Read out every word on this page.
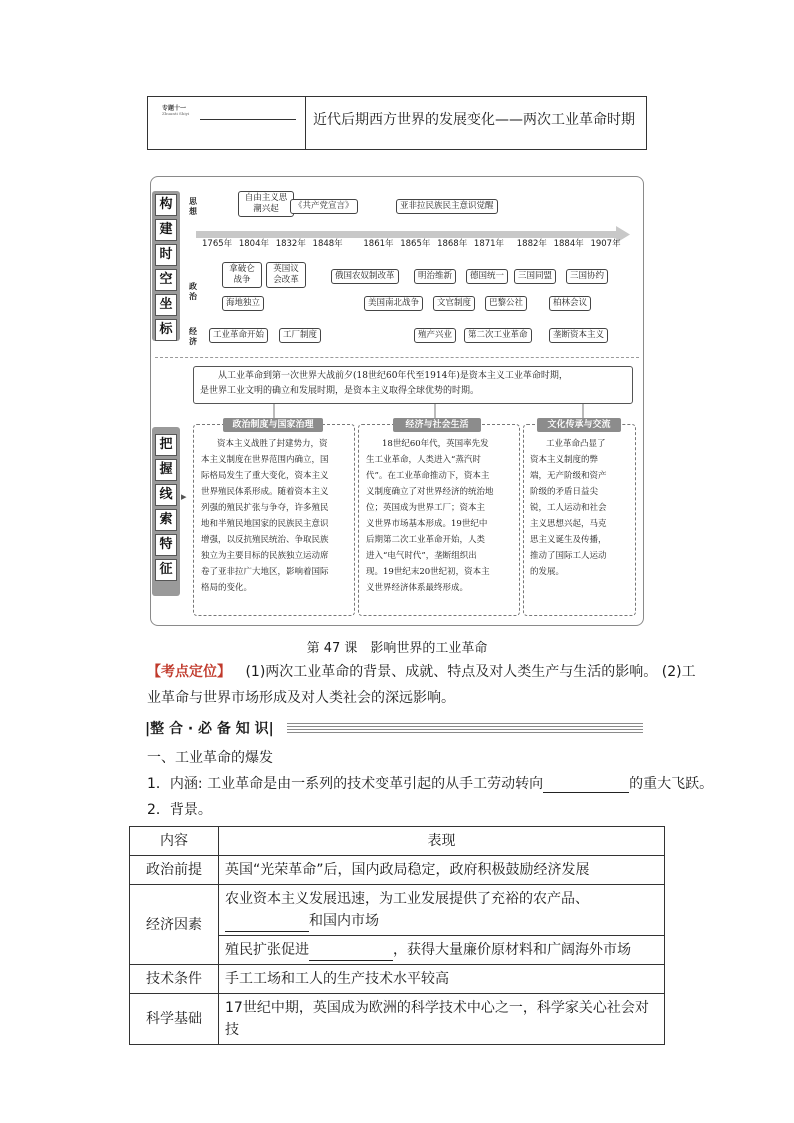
专题十一
Zhuanti Shiyi	近代后期西方世界的发展变化——两次工业革命时期
构
建
时
空
坐
标
把
握
线
索
特
征
思想
政治
经济
自由主义思潮兴起	《共产党宣言》	亚非拉民族民主意识觉醒
1765年 1804年 1832年 1848年 1861年 1865年 1868年 1871年 1882年 1884年 1907年
拿破仑战争
英国议会改革	俄国农奴制改革	明治维新	德国统一	三国同盟	三国协约
海地独立	美国南北战争	文官制度	巴黎公社	柏林会议
工业革命开始	工厂制度	殖产兴业	第二次工业革命	垄断资本主义
从工业革命到第一次世界大战前夕(18世纪60年代至1914年)是资本主义工业革命时期，
是世界工业文明的确立和发展时期，是资本主义取得全球优势的时期。
▸
政治制度与国家治理
资本主义战胜了封建势力，资
本主义制度在世界范围内确立，国
际格局发生了重大变化，资本主义
世界殖民体系形成。随着资本主义
列强的殖民扩张与争夺，许多殖民
地和半殖民地国家的民族民主意识
增强，以反抗殖民统治、争取民族
独立为主要目标的民族独立运动席
卷了亚非拉广大地区，影响着国际
格局的变化。
经济与社会生活
18世纪60年代，英国率先发
生工业革命，人类进入“蒸汽时
代”。在工业革命推动下，资本主
义制度确立了对世界经济的统治地
位；英国成为世界工厂；资本主
义世界市场基本形成。19世纪中
后期第二次工业革命开始，人类
进入“电气时代”，垄断组织出
现。19世纪末20世纪初，资本主
义世界经济体系最终形成。
文化传承与交流
工业革命凸显了
资本主义制度的弊
端，无产阶级和资产
阶级的矛盾日益尖
锐，工人运动和社会
主义思想兴起，马克
思主义诞生及传播，
推动了国际工人运动
的发展。
第 47 课　影响世界的工业革命
【考点定位】 (1)两次工业革命的背景、成就、特点及对人类生产与生活的影响。 (2)工
业革命与世界市场形成及对人类社会的深远影响。
|整 合 · 必 备 知 识|
一、工业革命的爆发
1．内涵: 工业革命是由一系列的技术变革引起的从手工劳动转向	的重大飞跃。
2．背景。
内容	表现
政治前提	英国“光荣革命”后，国内政局稳定，政府积极鼓励经济发展
经济因素	农业资本主义发展迅速，为工业发展提供了充裕的农产品、
和国内市场

	殖民扩张促进 ，获得大量廉价原材料和广阔海外市场
技术条件	手工工场和工人的生产技术水平较高
科学基础	17世纪中期，英国成为欧洲的科学技术中心之一，科学家关心社会对技
